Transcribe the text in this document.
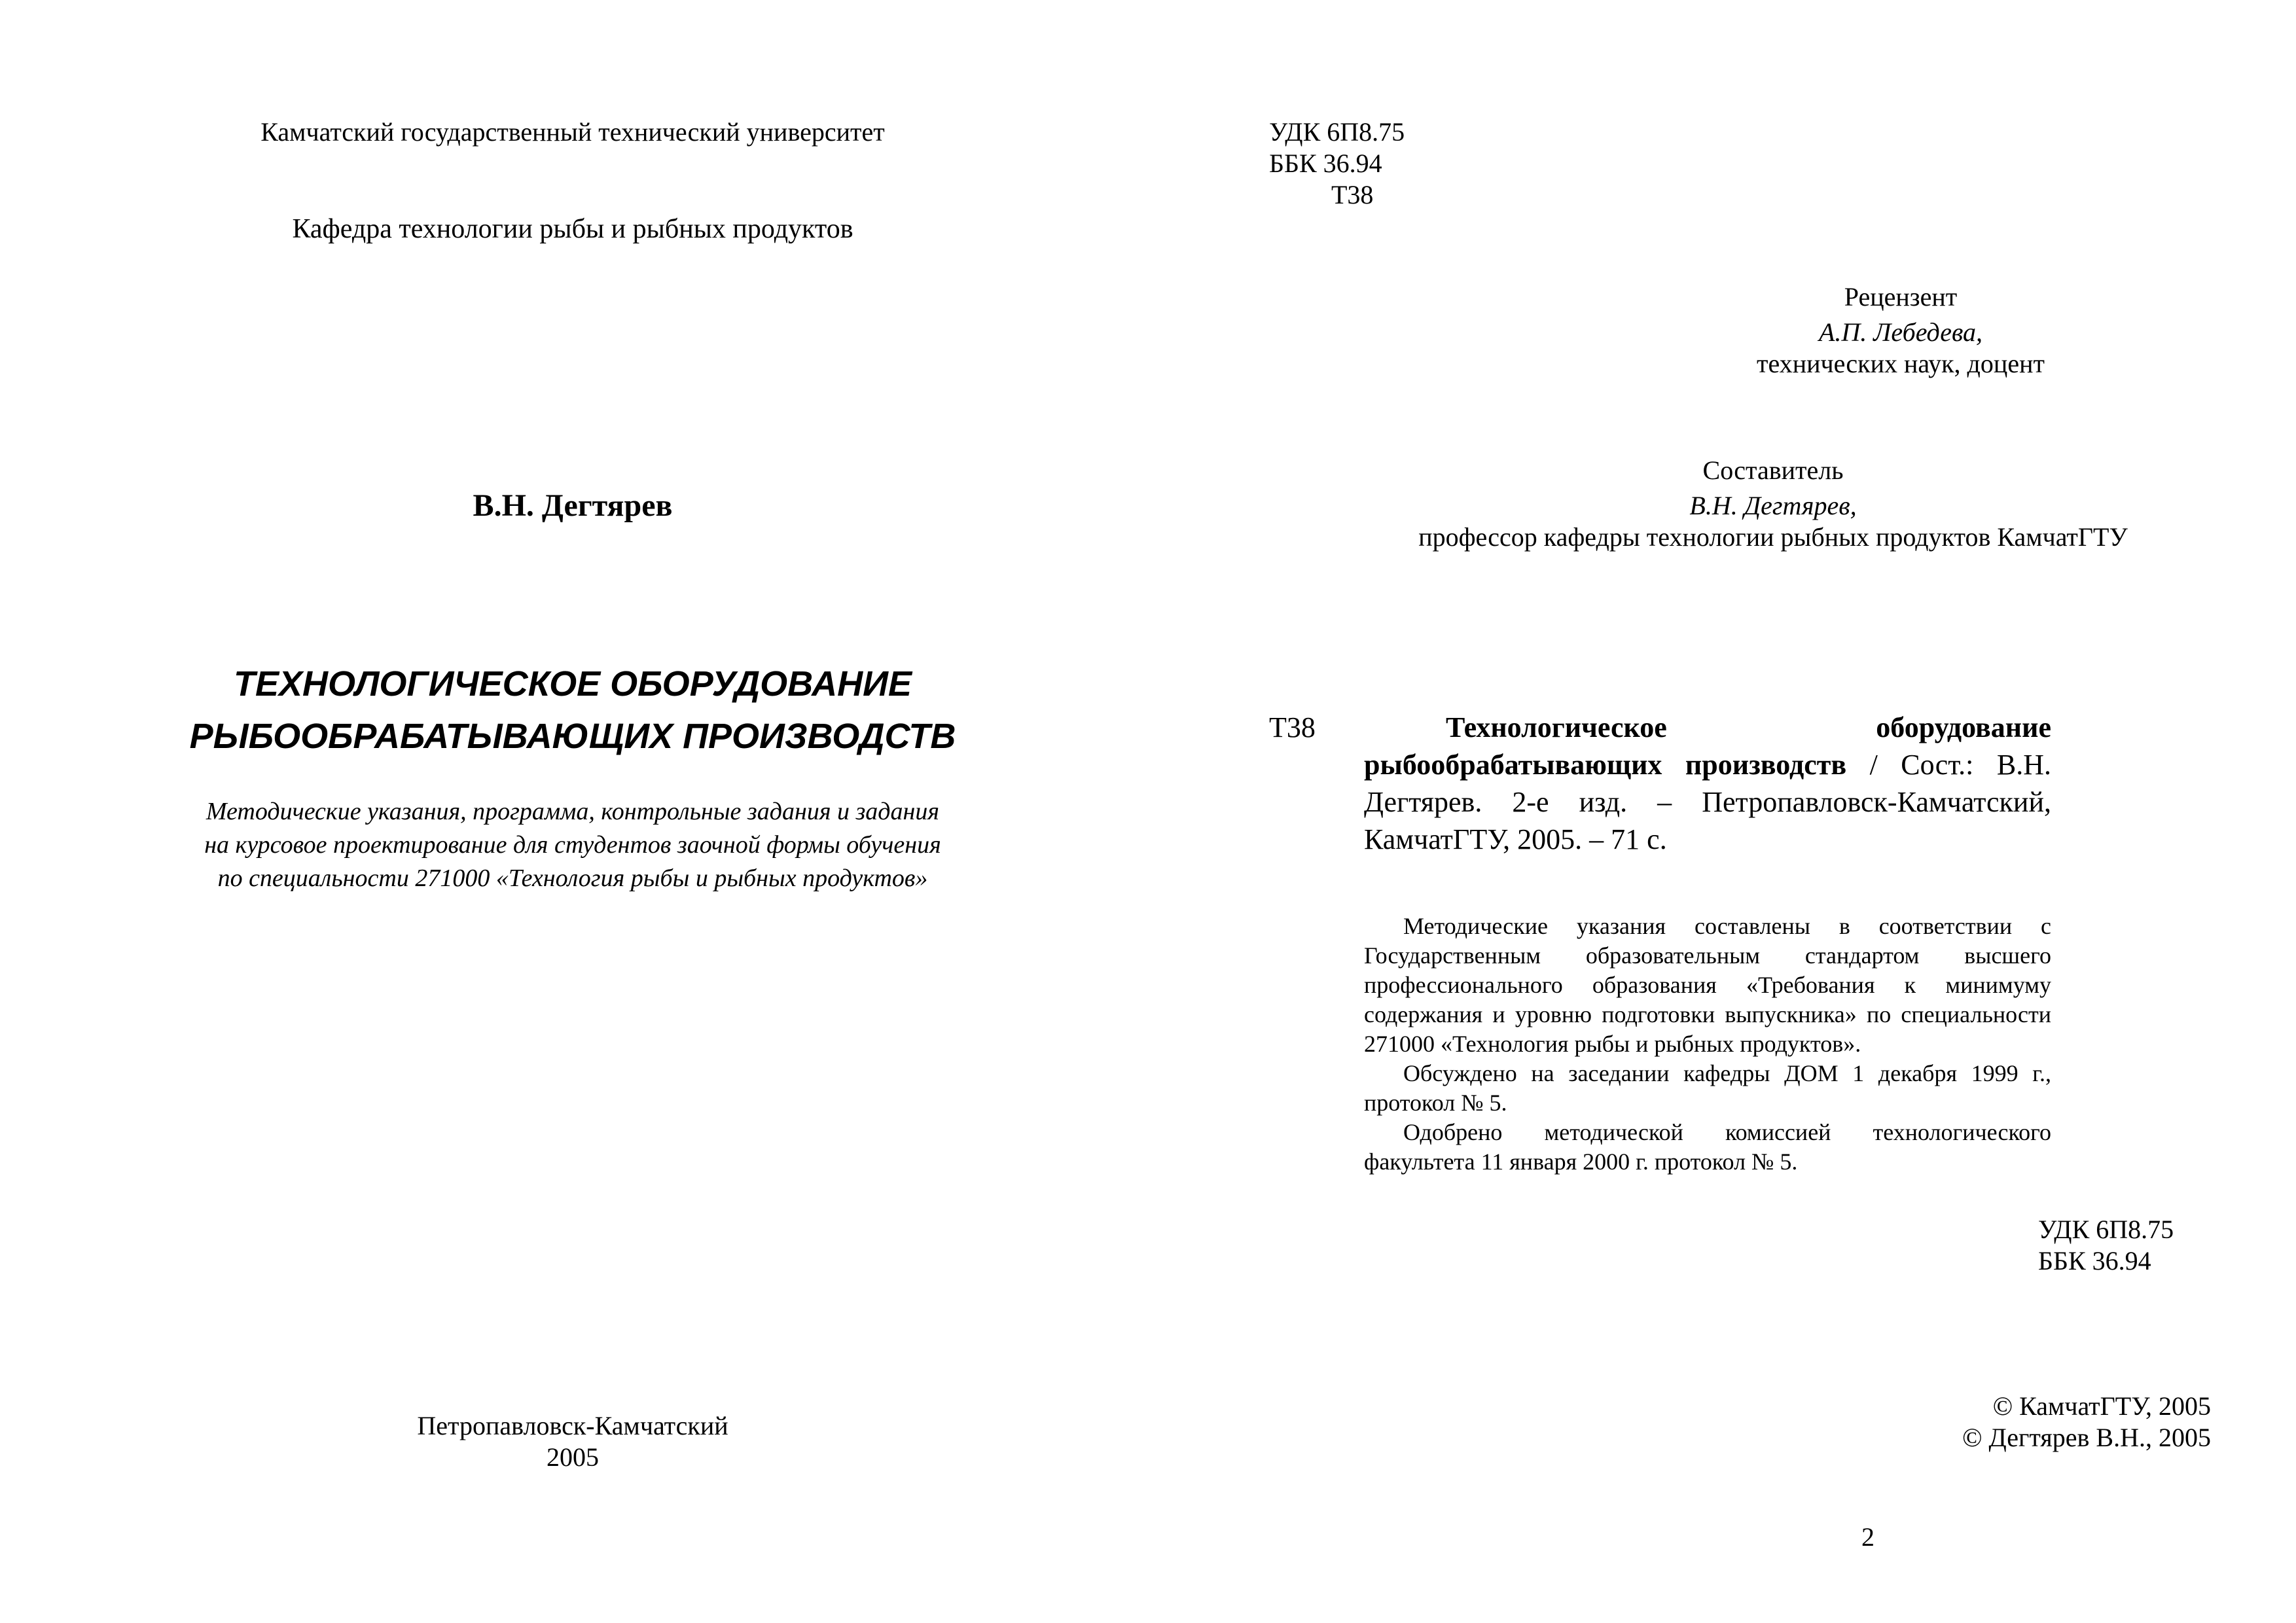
Камчатский государственный технический университет
Кафедра технологии рыбы и рыбных продуктов
В.Н. Дегтярев
ТЕХНОЛОГИЧЕСКОЕ ОБОРУДОВАНИЕ
РЫБООБРАБАТЫВАЮЩИХ ПРОИЗВОДСТВ
Методические указания, программа, контрольные задания и задания
на курсовое проектирование для студентов заочной формы обучения
по специальности 271000 «Технология рыбы и рыбных продуктов»
Петропавловск-Камчатский
2005
УДК 6П8.75
ББК 36.94
Т38
Рецензент
А.П. Лебедева,
технических наук, доцент
Составитель
В.Н. Дегтярев,
профессор кафедры технологии рыбных продуктов КамчатГТУ
Т38	Технологическое оборудование рыбообрабатывающих производств / Сост.: В.Н. Дегтярев. 2-е изд. – Петропавловск-Камчатский, КамчатГТУ, 2005. – 71 с.

Методические указания составлены в соответствии с Государственным образовательным стандартом высшего профессионального образования «Требования к минимуму содержания и уровню подготовки выпускника» по специальности 271000 «Технология рыбы и рыбных продуктов».

Обсуждено на заседании кафедры ДОМ 1 декабря 1999 г., протокол № 5.

Одобрено методической комиссией технологического факультета 11 января 2000 г. протокол № 5.

УДК 6П8.75
ББК 36.94
© КамчатГТУ, 2005
© Дегтярев В.Н., 2005
2
